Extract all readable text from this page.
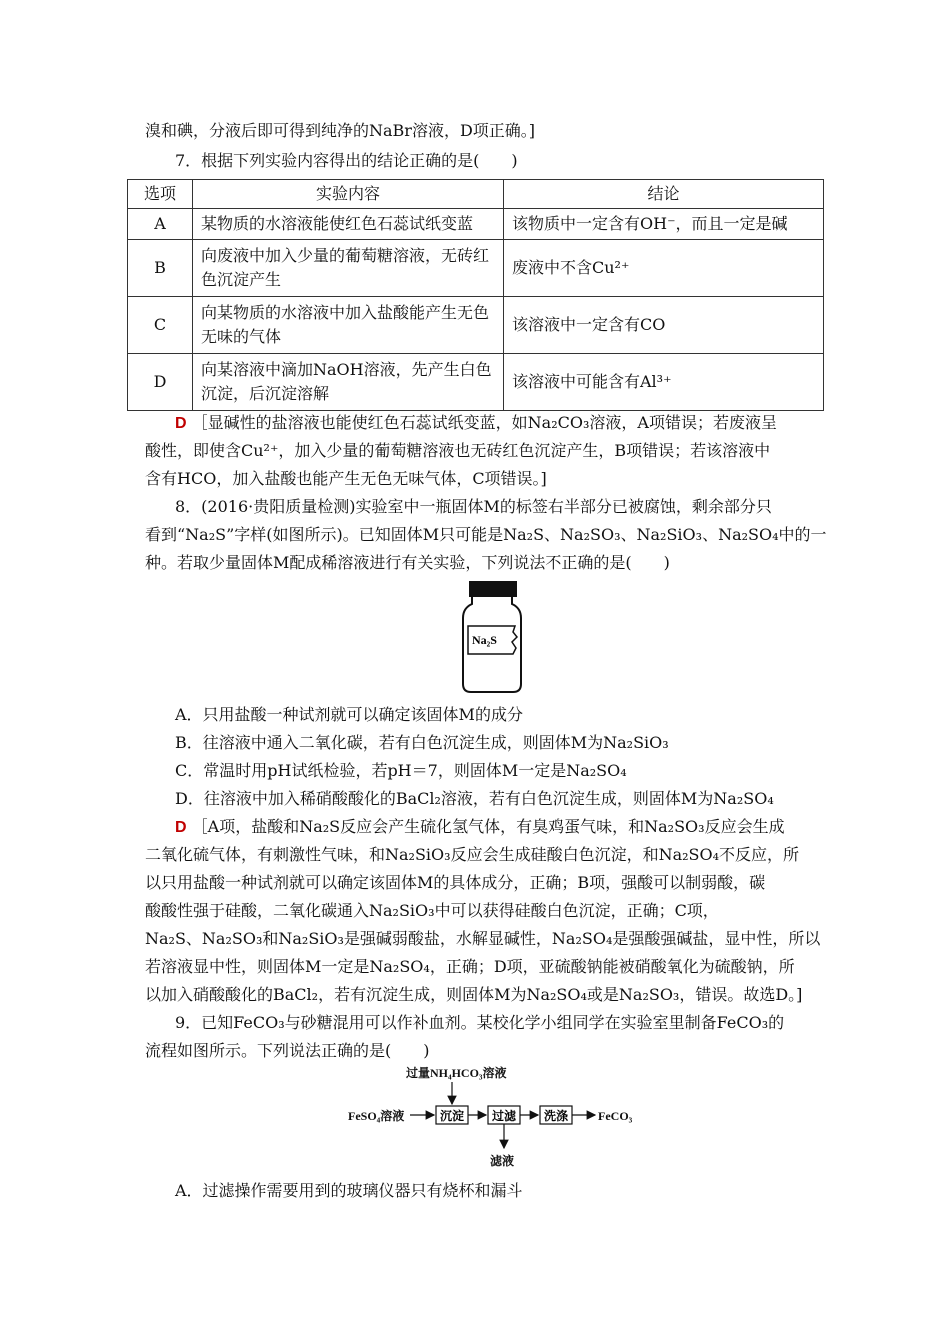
溴和碘，分液后即可得到纯净的NaBr溶液，D项正确。]
7．根据下列实验内容得出的结论正确的是(　　)
选项	实验内容	结论
A	某物质的水溶液能使红色石蕊试纸变蓝	该物质中一定含有OH⁻，而且一定是碱
B	向废液中加入少量的葡萄糖溶液，无砖红色沉淀产生	废液中不含Cu²⁺
C	向某物质的水溶液中加入盐酸能产生无色无味的气体	该溶液中一定含有CO
D	向某溶液中滴加NaOH溶液，先产生白色沉淀，后沉淀溶解	该溶液中可能含有Al³⁺
D ［显碱性的盐溶液也能使红色石蕊试纸变蓝，如Na₂CO₃溶液，A项错误；若废液呈
酸性，即使含Cu²⁺，加入少量的葡萄糖溶液也无砖红色沉淀产生，B项错误；若该溶液中
含有HCO，加入盐酸也能产生无色无味气体，C项错误。]
8．(2016·贵阳质量检测)实验室中一瓶固体M的标签右半部分已被腐蚀，剩余部分只
看到“Na₂S”字样(如图所示)。已知固体M只可能是Na₂S、Na₂SO₃、Na₂SiO₃、Na₂SO₄中的一
种。若取少量固体M配成稀溶液进行有关实验，下列说法不正确的是(　　)
Na₂S
A．只用盐酸一种试剂就可以确定该固体M的成分
B．往溶液中通入二氧化碳，若有白色沉淀生成，则固体M为Na₂SiO₃
C．常温时用pH试纸检验，若pH＝7，则固体M一定是Na₂SO₄
D．往溶液中加入稀硝酸酸化的BaCl₂溶液，若有白色沉淀生成，则固体M为Na₂SO₄
D ［A项，盐酸和Na₂S反应会产生硫化氢气体，有臭鸡蛋气味，和Na₂SO₃反应会生成
二氧化硫气体，有刺激性气味，和Na₂SiO₃反应会生成硅酸白色沉淀，和Na₂SO₄不反应，所
以只用盐酸一种试剂就可以确定该固体M的具体成分，正确；B项，强酸可以制弱酸，碳
酸酸性强于硅酸，二氧化碳通入Na₂SiO₃中可以获得硅酸白色沉淀，正确；C项，
Na₂S、Na₂SO₃和Na₂SiO₃是强碱弱酸盐，水解显碱性，Na₂SO₄是强酸强碱盐，显中性，所以
若溶液显中性，则固体M一定是Na₂SO₄，正确；D项，亚硫酸钠能被硝酸氧化为硫酸钠，所
以加入硝酸酸化的BaCl₂，若有沉淀生成，则固体M为Na₂SO₄或是Na₂SO₃，错误。故选D。]
9．已知FeCO₃与砂糖混用可以作补血剂。某校化学小组同学在实验室里制备FeCO₃的
流程如图所示。下列说法正确的是(　　)
过量NH₄HCO₃溶液
FeSO₄溶液	FeCO₃
滤液
沉淀 过滤 洗涤
A．过滤操作需要用到的玻璃仪器只有烧杯和漏斗
